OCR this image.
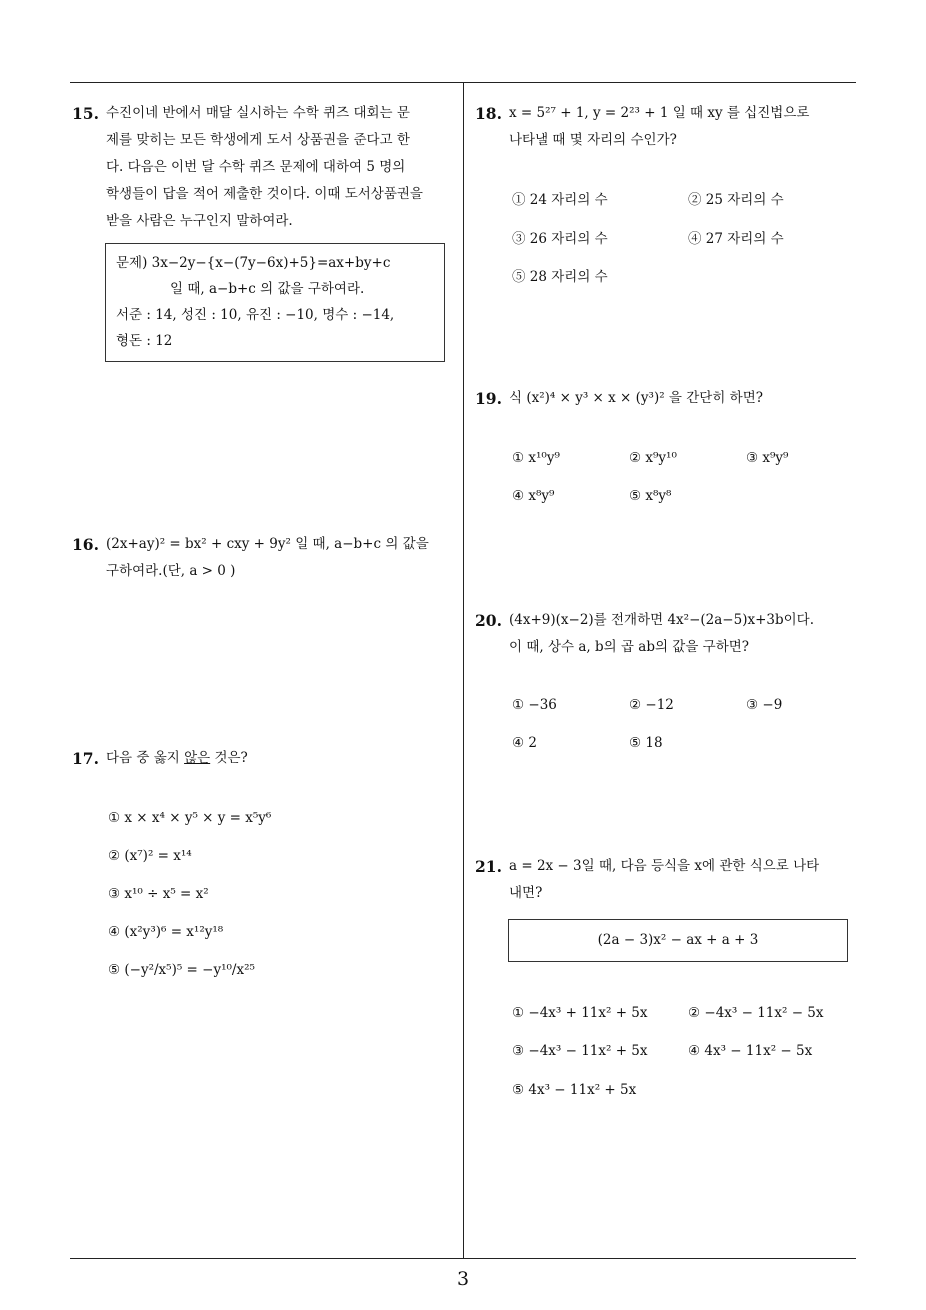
15. 수진이네 반에서 매달 실시하는 수학 퀴즈 대회는 문
제를 맞히는 모든 학생에게 도서 상품권을 준다고 한
다. 다음은 이번 달 수학 퀴즈 문제에 대하여 5 명의
학생들이 답을 적어 제출한 것이다. 이때 도서상품권을
받을 사람은 누구인지 말하여라.
문제) 3x−2y−{x−(7y−6x)+5}=ax+by+c
일 때, a−b+c 의 값을 구하여라.
서준 : 14, 성진 : 10, 유진 : −10, 명수 : −14,
형돈 : 12
16. (2x+ay)² = bx² + cxy + 9y² 일 때, a−b+c 의 값을
구하여라.(단, a > 0 )
17. 다음 중 옳지 않은 것은?
① x × x⁴ × y⁵ × y = x⁵y⁶
② (x⁷)² = x¹⁴
③ x¹⁰ ÷ x⁵ = x²
④ (x²y³)⁶ = x¹²y¹⁸
⑤ (−y²/x⁵)⁵ = −y¹⁰/x²⁵
18. x = 5²⁷ + 1, y = 2²³ + 1 일 때 xy 를 십진법으로
나타낼 때 몇 자리의 수인가?
① 24 자리의 수	② 25 자리의 수
③ 26 자리의 수	④ 27 자리의 수
⑤ 28 자리의 수
19. 식 (x²)⁴ × y³ × x × (y³)² 을 간단히 하면?
① x¹⁰y⁹	② x⁹y¹⁰	③ x⁹y⁹
④ x⁸y⁹	⑤ x⁸y⁸
20. (4x+9)(x−2)를 전개하면 4x²−(2a−5)x+3b이다.
이 때, 상수 a, b의 곱 ab의 값을 구하면?
① −36	② −12	③ −9
④ 2	⑤ 18
21. a = 2x − 3일 때, 다음 등식을 x에 관한 식으로 나타
내면?
(2a − 3)x² − ax + a + 3
① −4x³ + 11x² + 5x	② −4x³ − 11x² − 5x
③ −4x³ − 11x² + 5x	④ 4x³ − 11x² − 5x
⑤ 4x³ − 11x² + 5x
3
